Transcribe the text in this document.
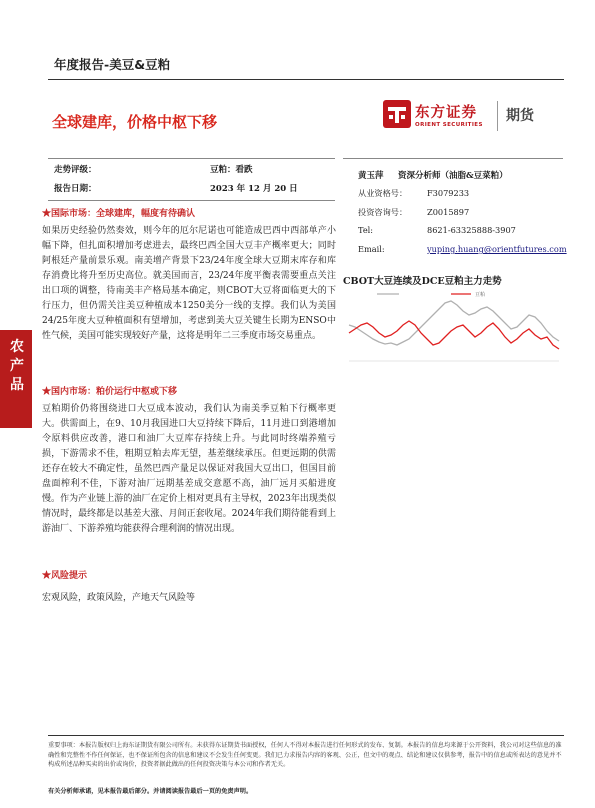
年度报告-美豆&豆粕
全球建库，价格中枢下移	东方证券
ORIENT SECURITIES
期货
农产品
走势评级：	豆粕：看跌
报告日期：	2023 年 12 月 20 日
★国际市场：全球建库，幅度有待确认

如果历史经验仍然奏效，则今年的厄尔尼诺也可能造成巴西中西部单产小幅下降，但扎面积增加考虑进去，最终巴西全国大豆丰产概率更大；同时阿根廷产量前景乐观。南美增产背景下23/24年度全球大豆期末库存和库存消费比将升至历史高位。就美国而言，23/24年度平衡表需要重点关注出口项的调整，待南美丰产格局基本确定，则CBOT大豆将面临更大的下行压力，但仍需关注美豆种植成本1250美分一线的支撑。我们认为美国24/25年度大豆种植面积有望增加，考虑到美大豆关键生长期为ENSO中性气候，美国可能实现较好产量，这将是明年二三季度市场交易重点。

★国内市场：粕价运行中枢或下移

豆粕期价仍将围绕进口大豆成本波动，我们认为南美季豆粕下行概率更大。供需面上，在9、10月我国进口大豆持续下降后，11月进口到港增加令原料供应改善，港口和油厂大豆库存持续上升。与此同时终端养殖亏损，下游需求不佳，粗期豆粕去库无望，基差继续承压。但更远期的供需还存在较大不确定性，虽然巴西产量足以保证对我国大豆出口，但国目前盘面榨利不佳，下游对油厂远期基差成交意愿不高，油厂远月买船进度慢。作为产业链上游的油厂在定价上相对更具有主导权，2023年出现类似情况时，最终都是以基差大涨、月间正套收尾。2024年我们期待能看到上游油厂、下游养殖均能获得合理利润的情况出现。

★风险提示

宏观风险，政策风险，产地天气风险等

黄玉萍 资深分析师（油脂&豆菜粕）
从业资格号： F3079233
投资咨询号： Z0015897
Tel:	8621-63325888-3907
Email:	yuping.huang@orientfutures.com
CBOT大豆连续及DCE豆粕主力走势
豆粕
重要事项：本报告版权归上海东证期货有限公司所有。未获得东证期货书面授权，任何人不得对本报告进行任何形式的发布、复制。本报告的信息均来源于公开资料，我公司对这些信息的准确性和完整性不作任何保证，也不保证所包含的信息和建议不会发生任何变更。我们已力求报告内容的客观、公正，但文中的观点、结论和建议仅供参考，报告中的信息或所表达的意见并不构成所述品种买卖的出价或询价，投资者据此做出的任何投资决策与本公司和作者无关。
有关分析师承诺，见本报告最后部分。并请阅读报告最后一页的免责声明。
